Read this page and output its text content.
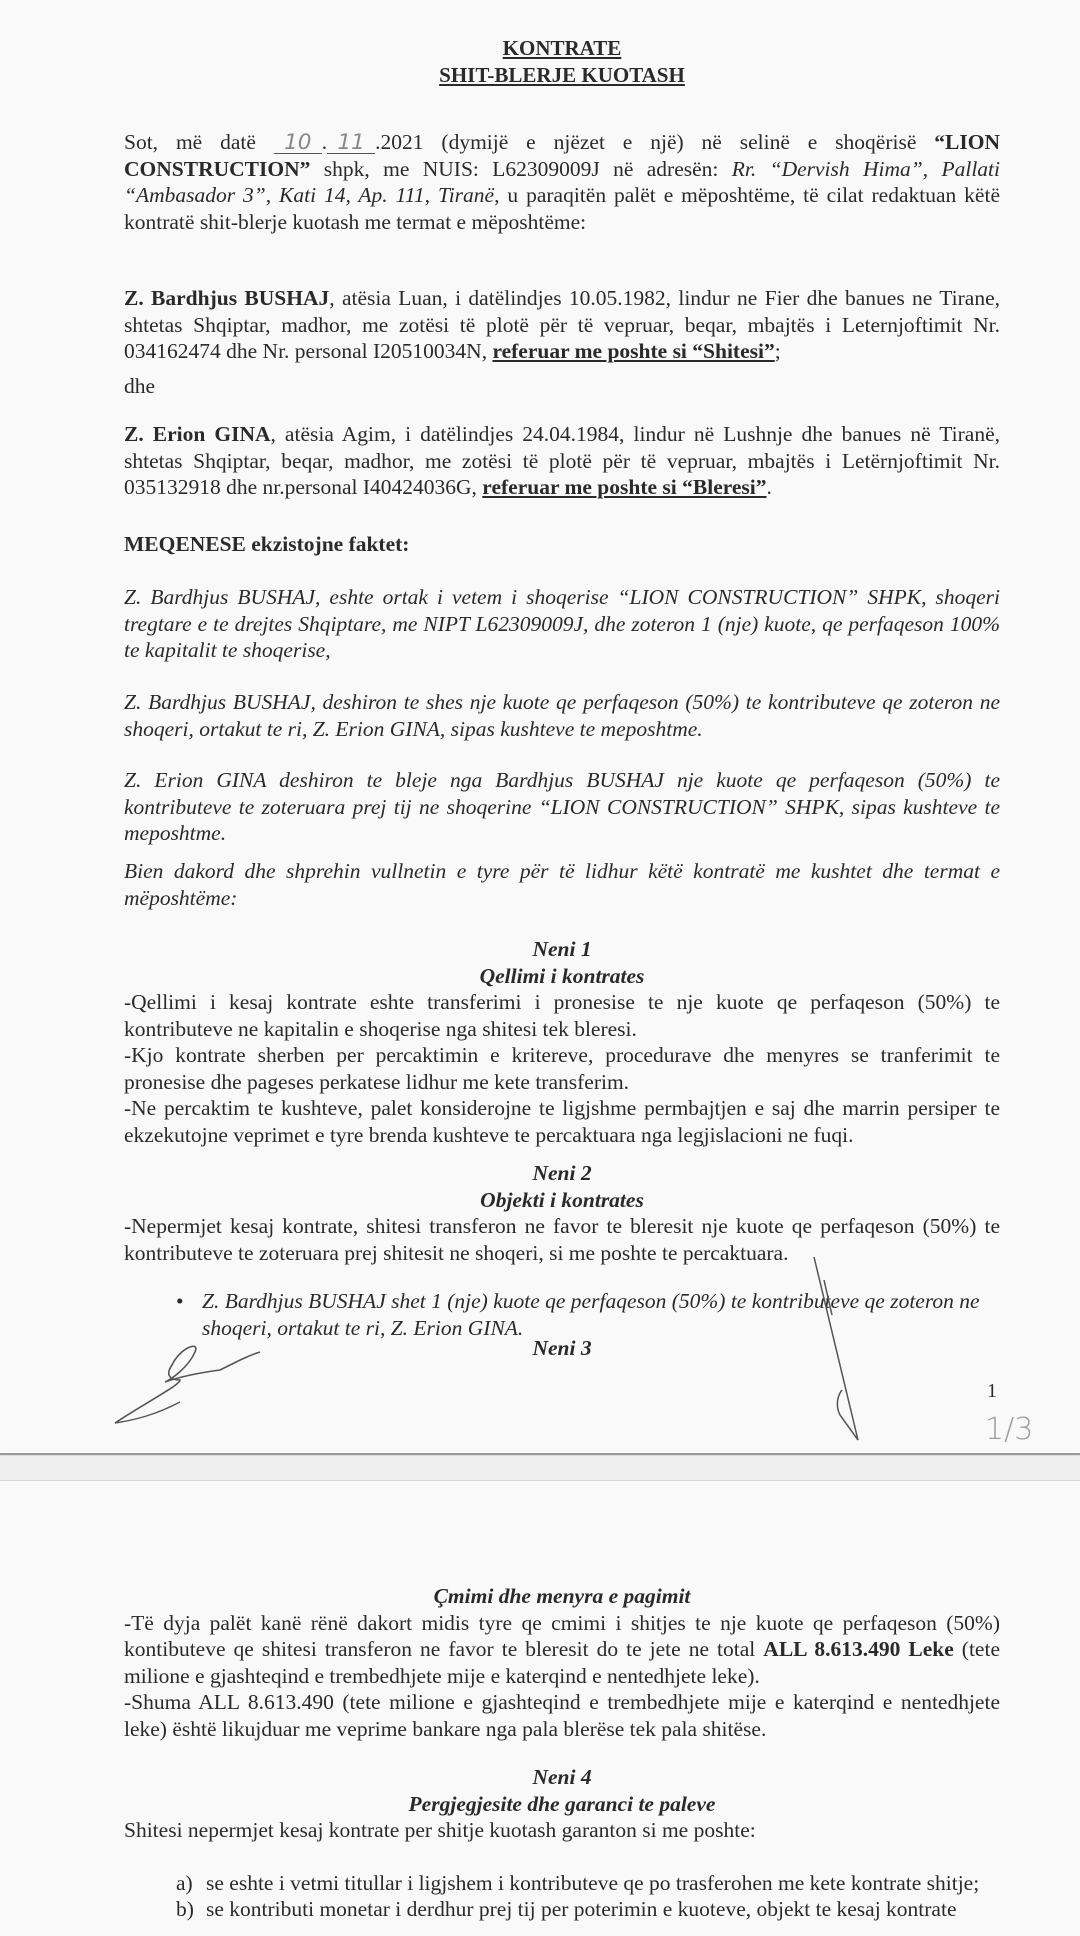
KONTRATE
SHIT-BLERJE KUOTASH

Sot, më datë 10 . 11 .2021 (dymijë e njëzet e një) në selinë e shoqërisë “LION CONSTRUCTION” shpk, me NUIS: L62309009J në adresën: Rr. “Dervish Hima”, Pallati “Ambasador 3”, Kati 14, Ap. 111, Tiranë, u paraqitën palët e mëposhtëme, të cilat redaktuan këtë kontratë shit-blerje kuotash me termat e mëposhtëme:

Z. Bardhjus BUSHAJ, atësia Luan, i datëlindjes 10.05.1982, lindur ne Fier dhe banues ne Tirane, shtetas Shqiptar, madhor, me zotësi të plotë për të vepruar, beqar, mbajtës i Leternjoftimit Nr. 034162474 dhe Nr. personal I20510034N, referuar me poshte si “Shitesi”;

dhe

Z. Erion GINA, atësia Agim, i datëlindjes 24.04.1984, lindur në Lushnje dhe banues në Tiranë, shtetas Shqiptar, beqar, madhor, me zotësi të plotë për të vepruar, mbajtës i Letërnjoftimit Nr. 035132918 dhe nr.personal I40424036G, referuar me poshte si “Bleresi”.

MEQENESE ekzistojne faktet:

Z. Bardhjus BUSHAJ, eshte ortak i vetem i shoqerise “LION CONSTRUCTION” SHPK, shoqeri tregtare e te drejtes Shqiptare, me NIPT L62309009J, dhe zoteron 1 (nje) kuote, qe perfaqeson 100% te kapitalit te shoqerise,

Z. Bardhjus BUSHAJ, deshiron te shes nje kuote qe perfaqeson (50%) te kontributeve qe zoteron ne shoqeri, ortakut te ri, Z. Erion GINA, sipas kushteve te meposhtme.

Z. Erion GINA deshiron te bleje nga Bardhjus BUSHAJ nje kuote qe perfaqeson (50%) te kontributeve te zoteruara prej tij ne shoqerine “LION CONSTRUCTION” SHPK, sipas kushteve te meposhtme.

Bien dakord dhe shprehin vullnetin e tyre për të lidhur këtë kontratë me kushtet dhe termat e mëposhtëme:

Neni 1

Qellimi i kontrates

-Qellimi i kesaj kontrate eshte transferimi i pronesise te nje kuote qe perfaqeson (50%) te kontributeve ne kapitalin e shoqerise nga shitesi tek bleresi.

-Kjo kontrate sherben per percaktimin e kritereve, procedurave dhe menyres se tranferimit te pronesise dhe pageses perkatese lidhur me kete transferim.

-Ne percaktim te kushteve, palet konsiderojne te ligjshme permbajtjen e saj dhe marrin persiper te ekzekutojne veprimet e tyre brenda kushteve te percaktuara nga legjislacioni ne fuqi.

Neni 2

Objekti i kontrates

-Nepermjet kesaj kontrate, shitesi transferon ne favor te bleresit nje kuote qe perfaqeson (50%) te kontributeve te zoteruara prej shitesit ne shoqeri, si me poshte te percaktuara.

• Z. Bardhjus BUSHAJ shet 1 (nje) kuote qe perfaqeson (50%) te kontributeve qe zoteron ne shoqeri, ortakut te ri, Z. Erion GINA.

Neni 3

1
1/3

Çmimi dhe menyra e pagimit

-Të dyja palët kanë rënë dakort midis tyre qe cmimi i shitjes te nje kuote qe perfaqeson (50%) kontibuteve qe shitesi transferon ne favor te bleresit do te jete ne total ALL 8.613.490 Leke (tete milione e gjashteqind e trembedhjete mije e katerqind e nentedhjete leke).

-Shuma ALL 8.613.490 (tete milione e gjashteqind e trembedhjete mije e katerqind e nentedhjete leke) është likujduar me veprime bankare nga pala blerëse tek pala shitëse.

Neni 4

Pergjegjesite dhe garanci te paleve

Shitesi nepermjet kesaj kontrate per shitje kuotash garanton si me poshte:

a) se eshte i vetmi titullar i ligjshem i kontributeve qe po trasferohen me kete kontrate shitje;
b) se kontributi monetar i derdhur prej tij per poterimin e kuoteve, objekt te kesaj kontrate
